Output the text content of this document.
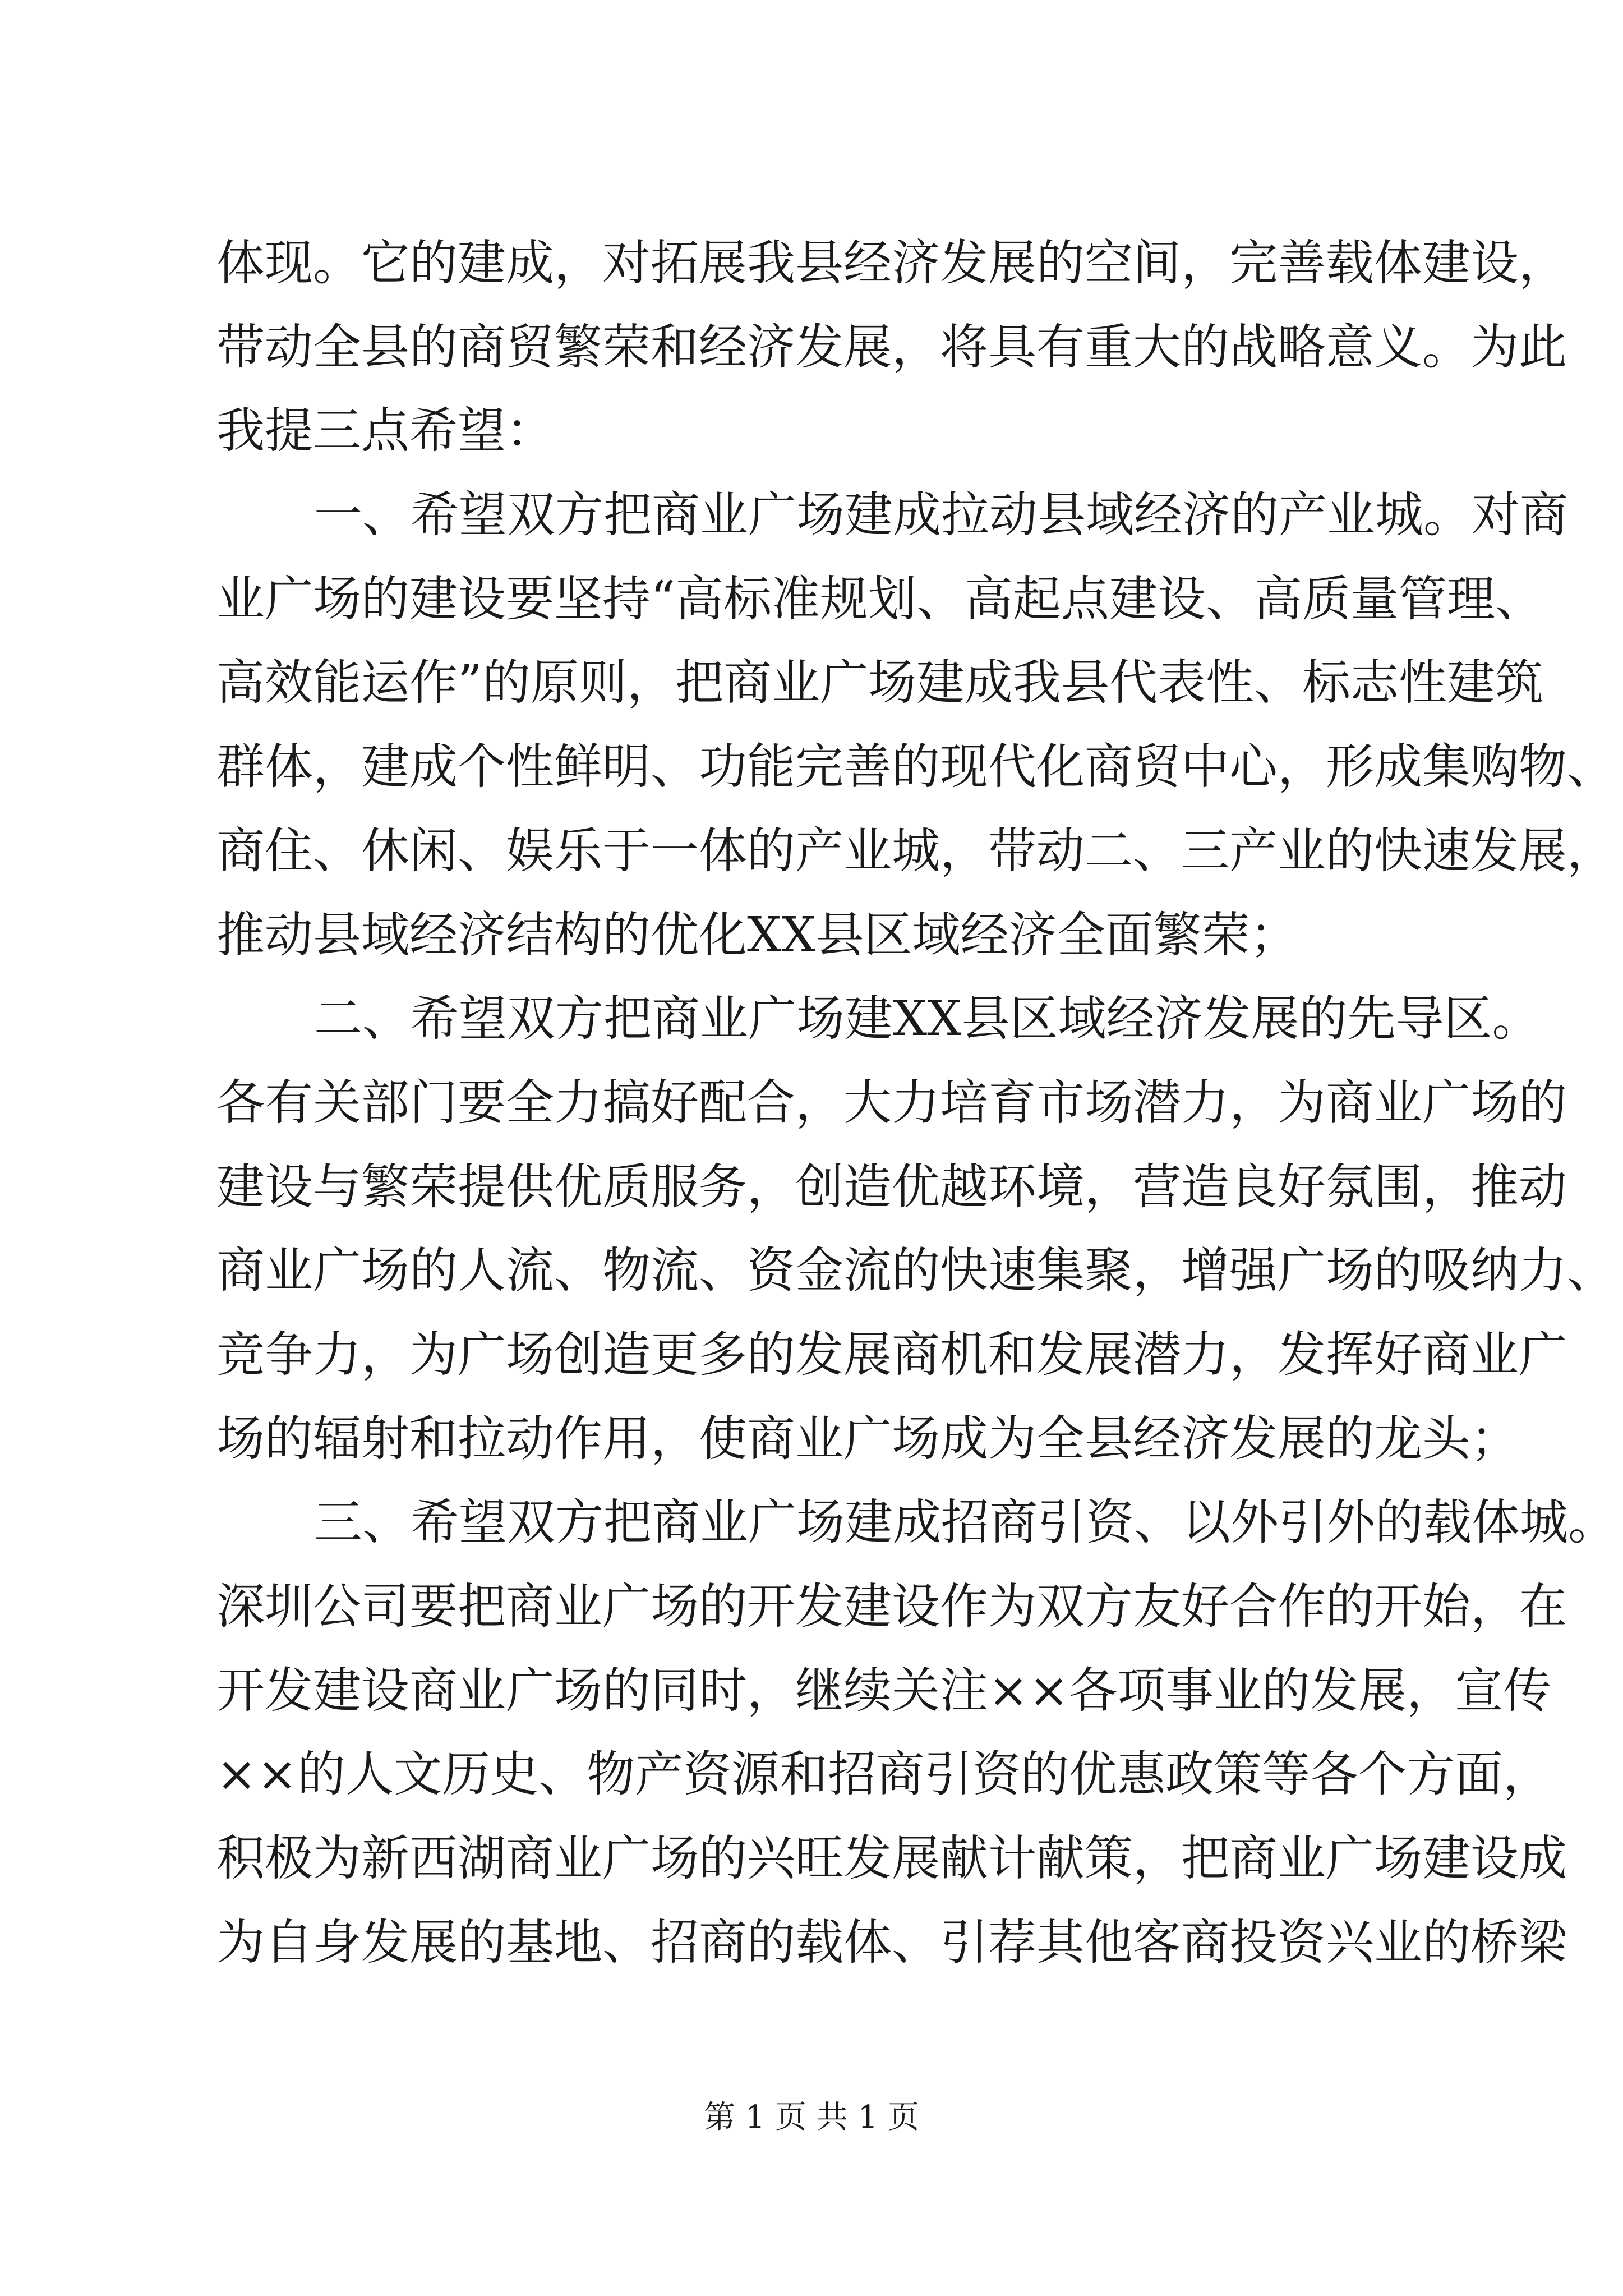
体现。它的建成，对拓展我县经济发展的空间，完善载体建设，
带动全县的商贸繁荣和经济发展，将具有重大的战略意义。为此
我提三点希望：
一、希望双方把商业广场建成拉动县域经济的产业城。对商
业广场的建设要坚持“高标准规划、高起点建设、高质量管理、
高效能运作”的原则，把商业广场建成我县代表性、标志性建筑
群体，建成个性鲜明、功能完善的现代化商贸中心，形成集购物、
商住、休闲、娱乐于一体的产业城，带动二、三产业的快速发展，
推动县域经济结构的优化XX县区域经济全面繁荣；
二、希望双方把商业广场建XX县区域经济发展的先导区。
各有关部门要全力搞好配合，大力培育市场潜力，为商业广场的
建设与繁荣提供优质服务，创造优越环境，营造良好氛围，推动
商业广场的人流、物流、资金流的快速集聚，增强广场的吸纳力、
竞争力，为广场创造更多的发展商机和发展潜力，发挥好商业广
场的辐射和拉动作用，使商业广场成为全县经济发展的龙头；
三、希望双方把商业广场建成招商引资、以外引外的载体城。
深圳公司要把商业广场的开发建设作为双方友好合作的开始，在
开发建设商业广场的同时，继续关注××各项事业的发展，宣传
××的人文历史、物产资源和招商引资的优惠政策等各个方面，
积极为新西湖商业广场的兴旺发展献计献策，把商业广场建设成
为自身发展的基地、招商的载体、引荐其他客商投资兴业的桥梁
第 1 页 共 1 页
